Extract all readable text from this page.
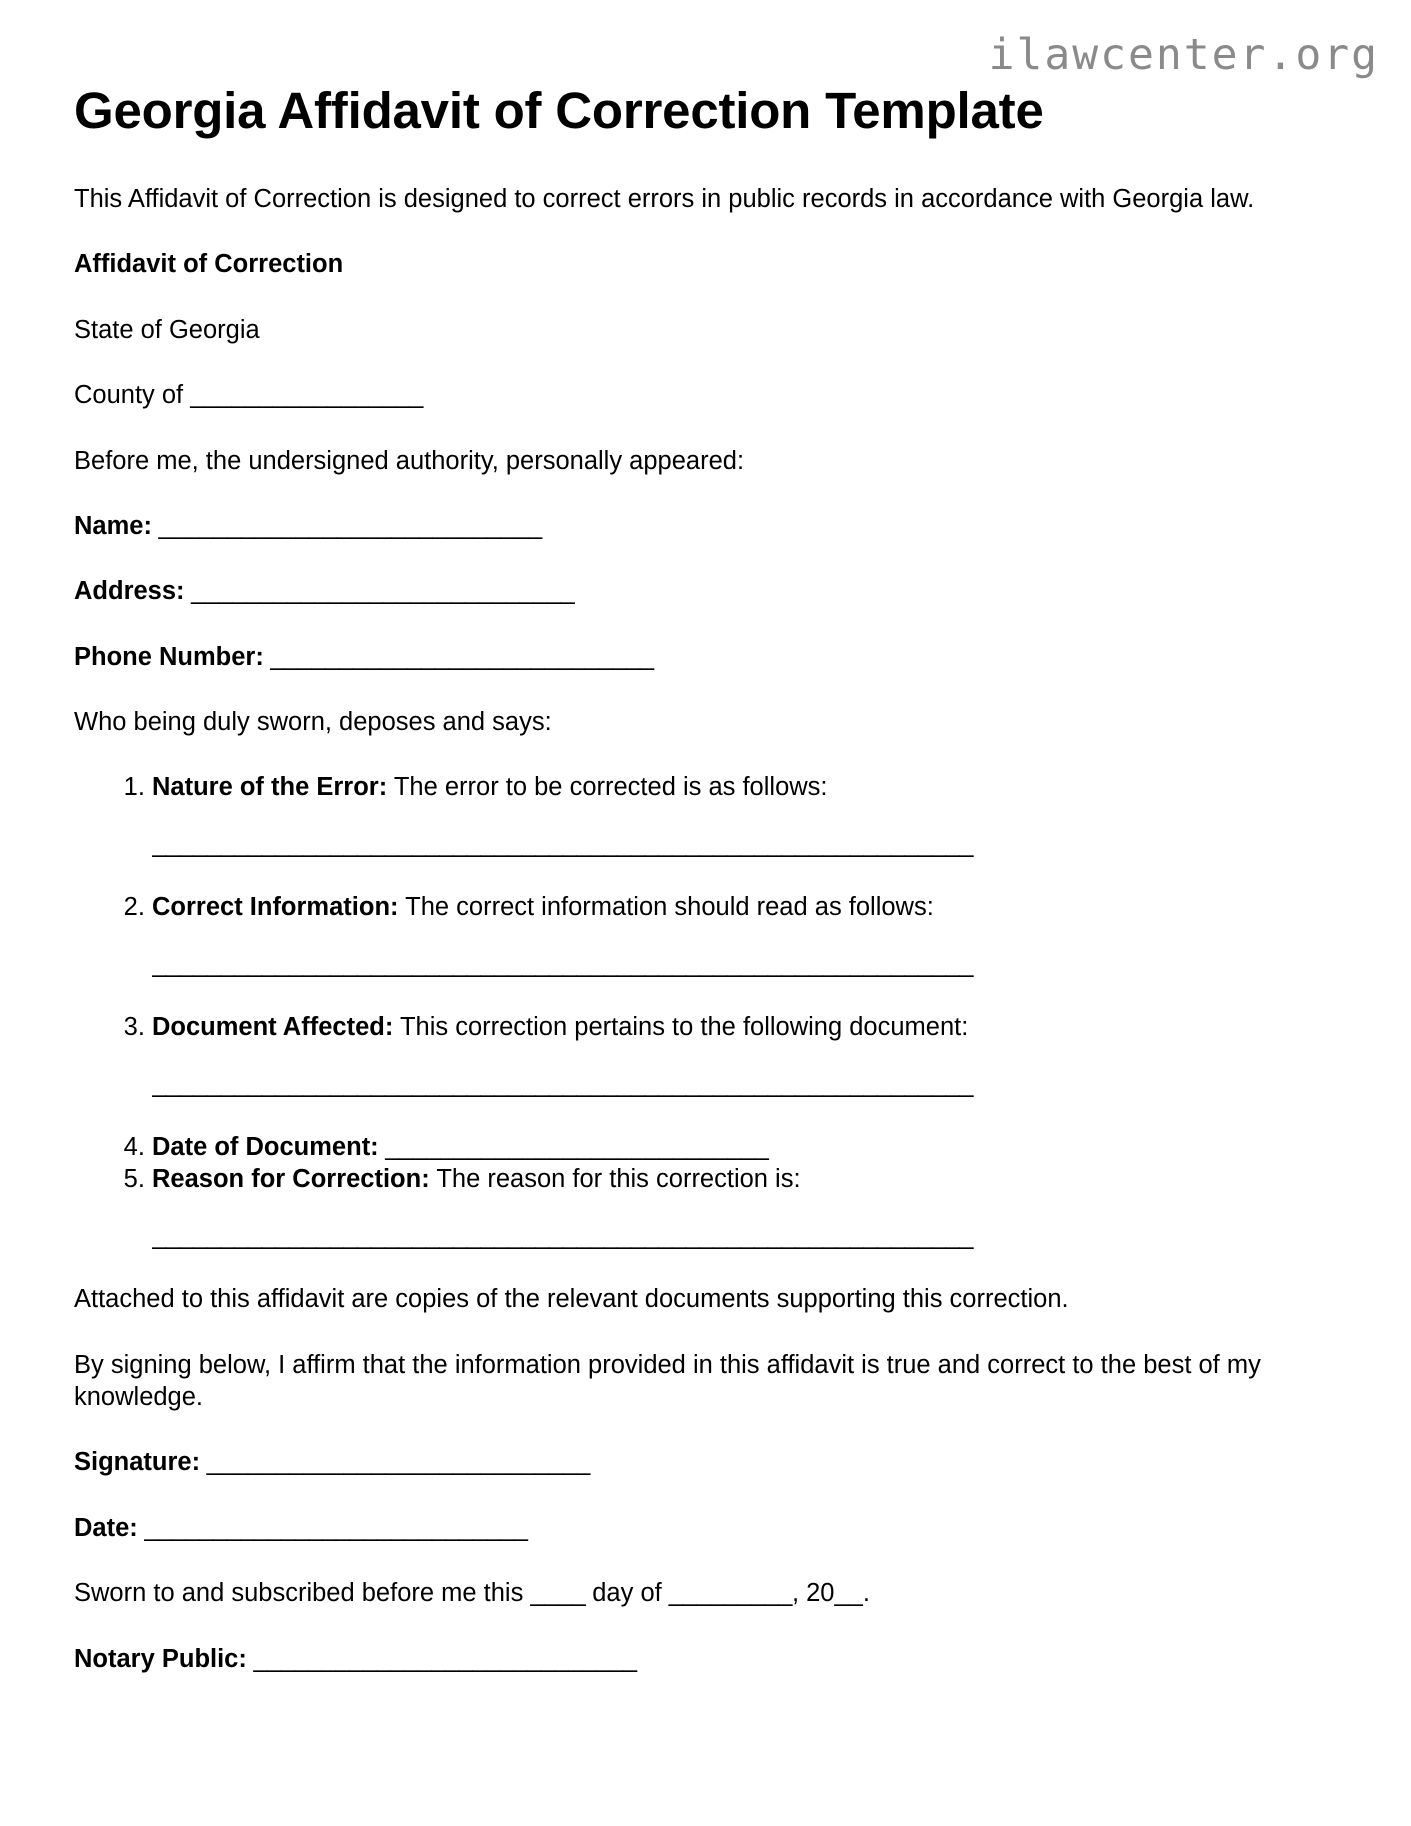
ilawcenter.org
Georgia Affidavit of Correction Template

This Affidavit of Correction is designed to correct errors in public records in accordance with Georgia law.

Affidavit of Correction

State of Georgia

County of _________________

Before me, the undersigned authority, personally appeared:

Name: ____________________________

Address: ____________________________

Phone Number: ____________________________

Who being duly sworn, deposes and says:

1. Nature of the Error: The error to be corrected is as follows:
____________________________________________________________
2. Correct Information: The correct information should read as follows:
____________________________________________________________
3. Document Affected: This correction pertains to the following document:
____________________________________________________________
4. Date of Document: ____________________________
5. Reason for Correction: The reason for this correction is:
____________________________________________________________

Attached to this affidavit are copies of the relevant documents supporting this correction.

By signing below, I affirm that the information provided in this affidavit is true and correct to the best of my knowledge.

Signature: ____________________________

Date: ____________________________

Sworn to and subscribed before me this ____ day of _________, 20__.

Notary Public: ____________________________
